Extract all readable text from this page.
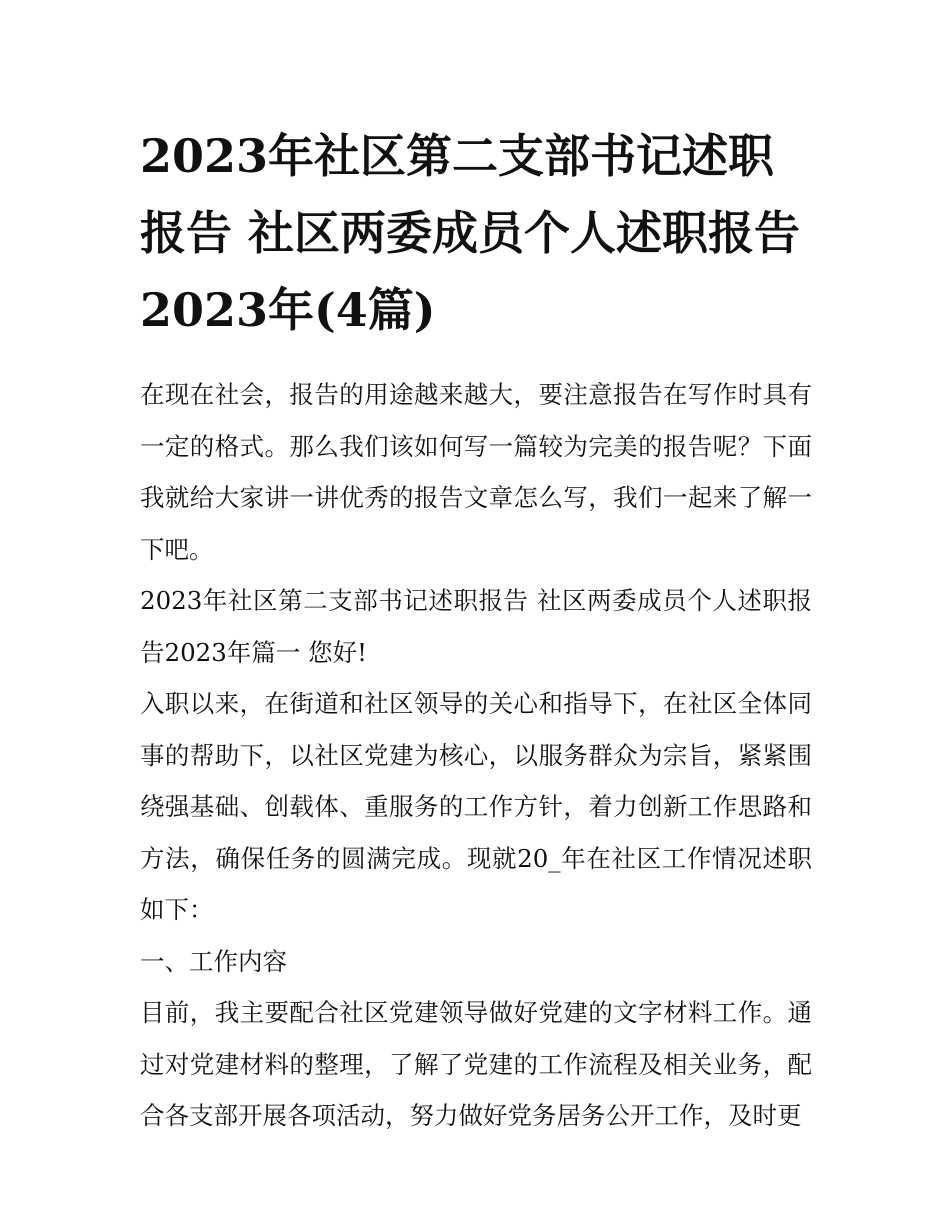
2023年社区第二支部书记述职报告 社区两委成员个人述职报告2023年(4篇)

在现在社会，报告的用途越来越大，要注意报告在写作时具有一定的格式。那么我们该如何写一篇较为完美的报告呢？下面我就给大家讲一讲优秀的报告文章怎么写，我们一起来了解一下吧。

2023年社区第二支部书记述职报告 社区两委成员个人述职报告2023年篇一 您好!

入职以来，在街道和社区领导的关心和指导下，在社区全体同事的帮助下，以社区党建为核心，以服务群众为宗旨，紧紧围绕强基础、创载体、重服务的工作方针，着力创新工作思路和方法，确保任务的圆满完成。现就20_年在社区工作情况述职如下：

一、工作内容

目前，我主要配合社区党建领导做好党建的文字材料工作。通过对党建材料的整理，了解了党建的工作流程及相关业务，配合各支部开展各项活动，努力做好党务居务公开工作，及时更
